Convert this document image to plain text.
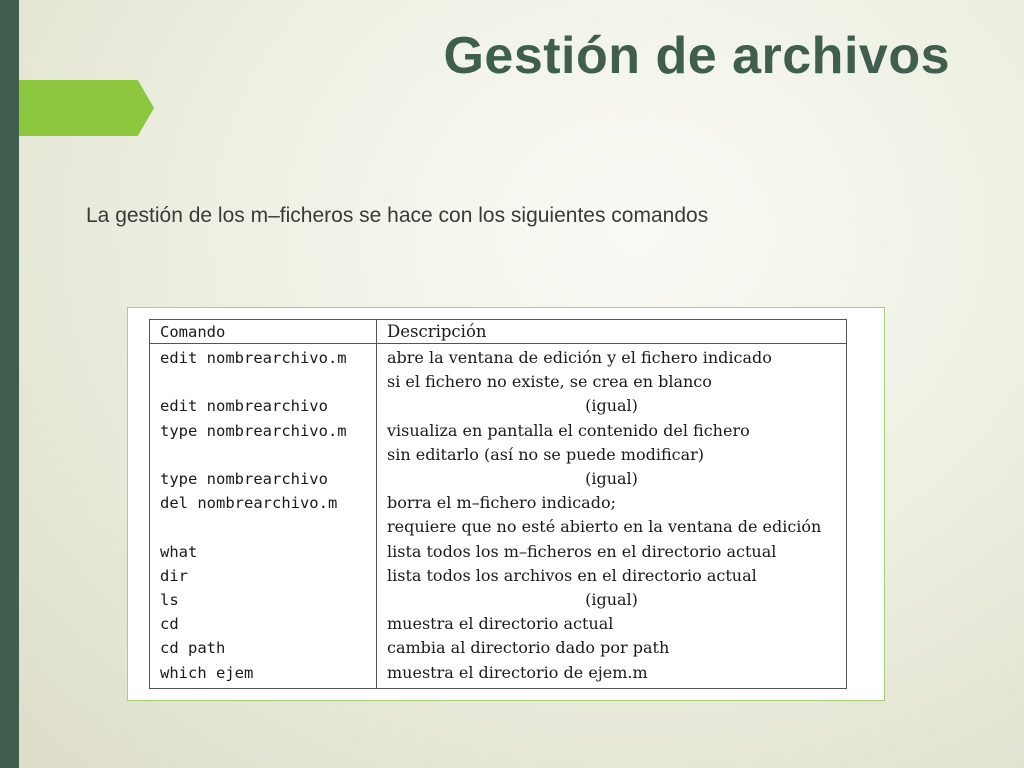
Gestión de archivos

La gestión de los m–ficheros se hace con los siguientes comandos

Comando	Descripción
edit nombrearchivo.m	abre la ventana de edición y el fichero indicado
	si el fichero no existe, se crea en blanco
edit nombrearchivo	(igual)
type nombrearchivo.m	visualiza en pantalla el contenido del fichero
	sin editarlo (así no se puede modificar)
type nombrearchivo	(igual)
del nombrearchivo.m	borra el m–fichero indicado;
	requiere que no esté abierto en la ventana de edición
what	lista todos los m–ficheros en el directorio actual
dir	lista todos los archivos en el directorio actual
ls	(igual)
cd	muestra el directorio actual
cd path	cambia al directorio dado por path
which ejem	muestra el directorio de ejem.m
